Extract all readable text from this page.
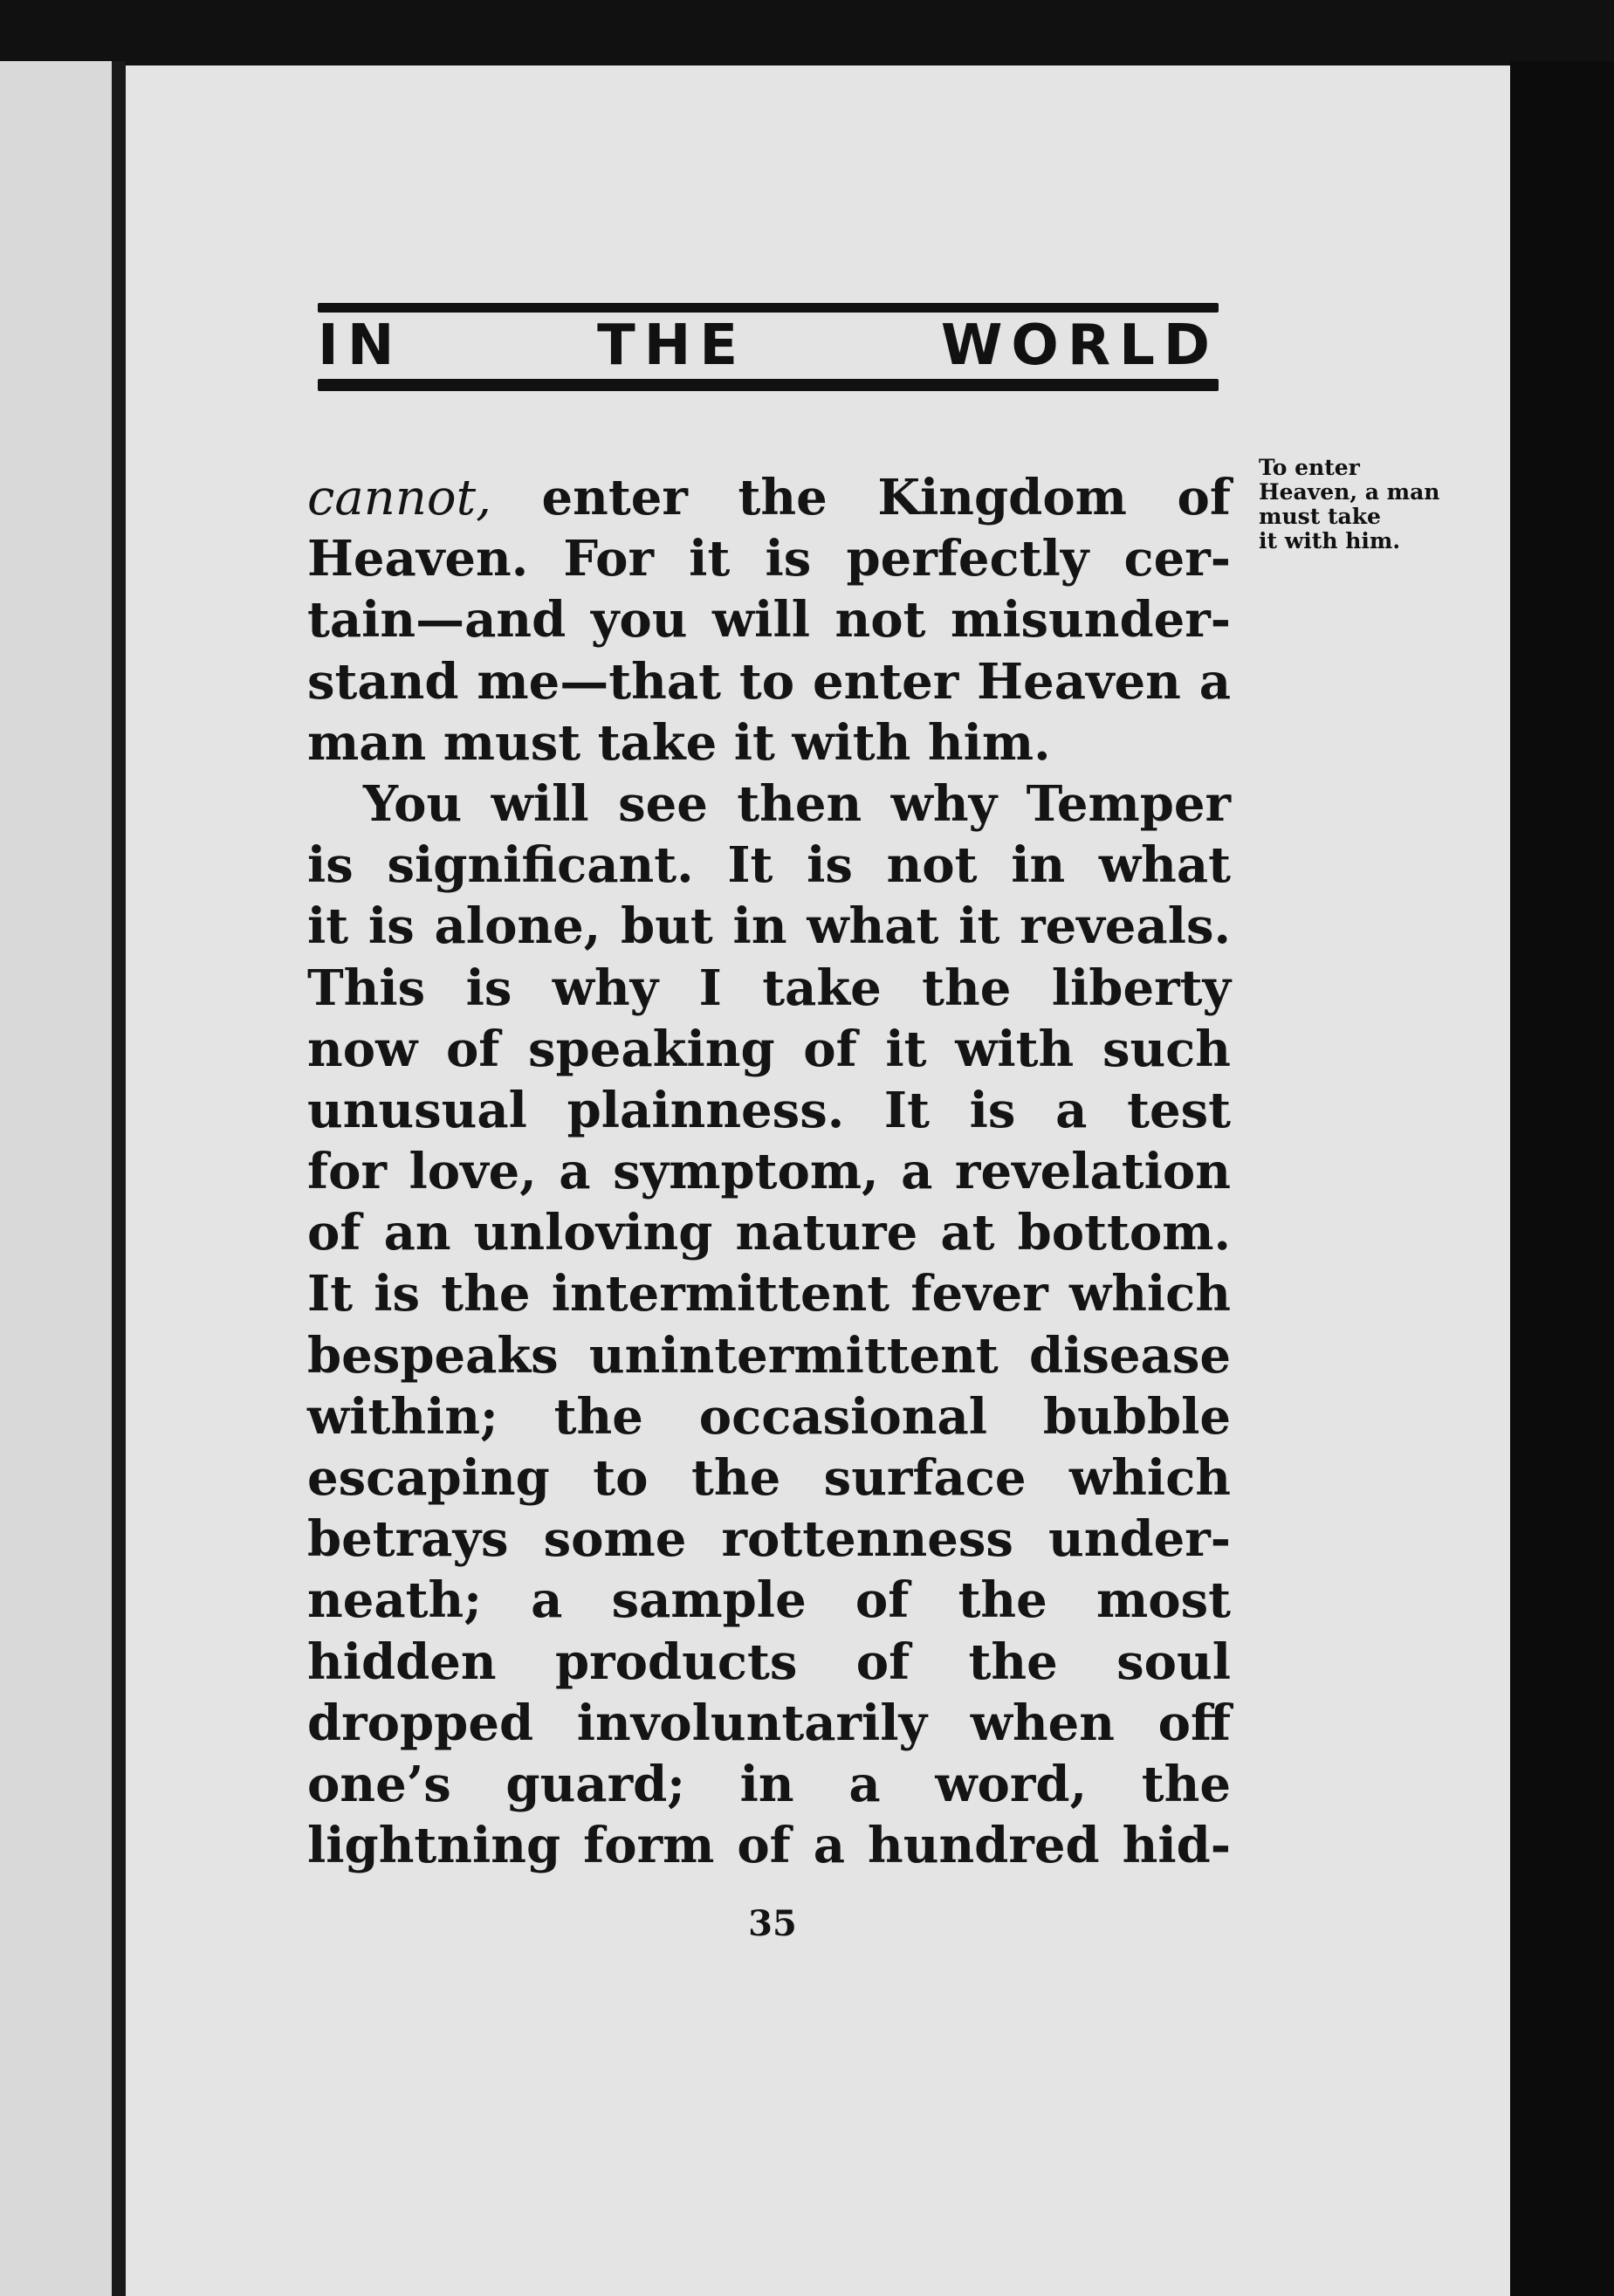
IN	THE	WORLD
To enter
Heaven, a man
must take
it with him.
cannot, enter the Kingdom of
Heaven. For it is perfectly cer-
tain—and you will not misunder-
stand me—that to enter Heaven a
man must take it with him.
You will see then why Temper
is significant. It is not in what
it is alone, but in what it reveals.
This is why I take the liberty
now of speaking of it with such
unusual plainness. It is a test
for love, a symptom, a revelation
of an unloving nature at bottom.
It is the intermittent fever which
bespeaks unintermittent disease
within; the occasional bubble
escaping to the surface which
betrays some rottenness under-
neath; a sample of the most
hidden products of the soul
dropped involuntarily when off
one’s guard; in a word, the
lightning form of a hundred hid-
35
